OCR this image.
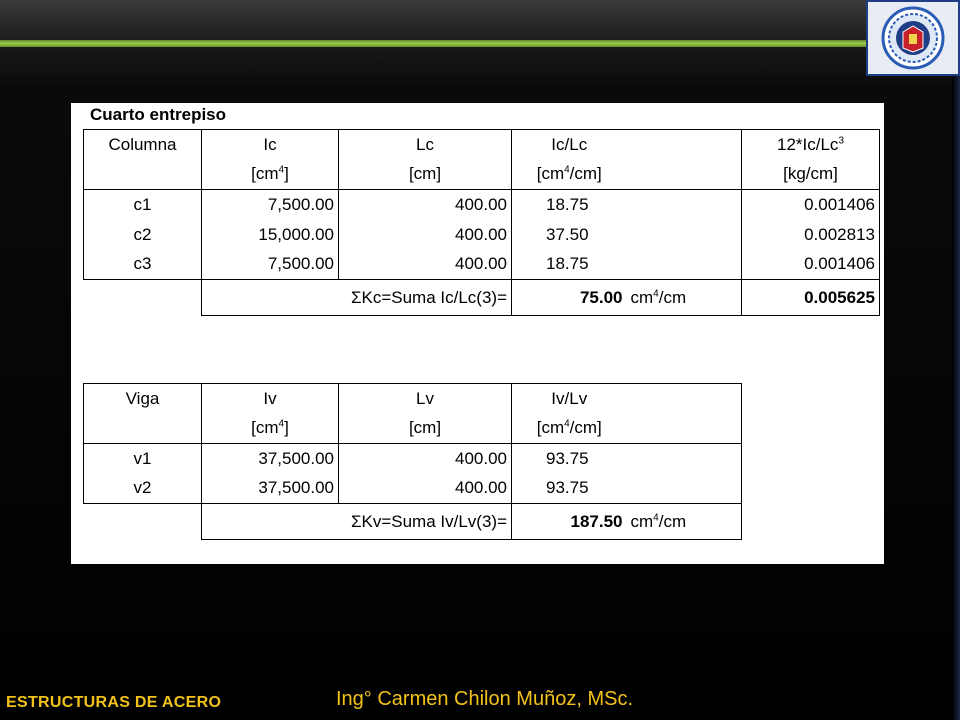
Cuarto entrepiso
Columna	Ic	Lc	Ic/Lc		12*Ic/Lc$^3$
	$[cm^4]$	[cm]	$[cm^4/cm]$		[kg/cm]
c1	7,500.00	400.00	18.75		0.001406
c2	15,000.00	400.00	37.50		0.002813
c3	7,500.00	400.00	18.75		0.001406
	ΣKc=Suma Ic/Lc(3)=		75.00	$cm^4/cm$	0.005625
Viga	Iv	Lv	Iv/Lv	
	$[cm^4]$	[cm]	$[cm^4/cm]$	
v1	37,500.00	400.00	93.75	
v2	37,500.00	400.00	93.75	
	ΣKv=Suma Iv/Lv(3)=		187.50	$cm^4/cm$
ESTRUCTURAS DE ACERO	Ing° Carmen Chilon Muñoz, MSc.
